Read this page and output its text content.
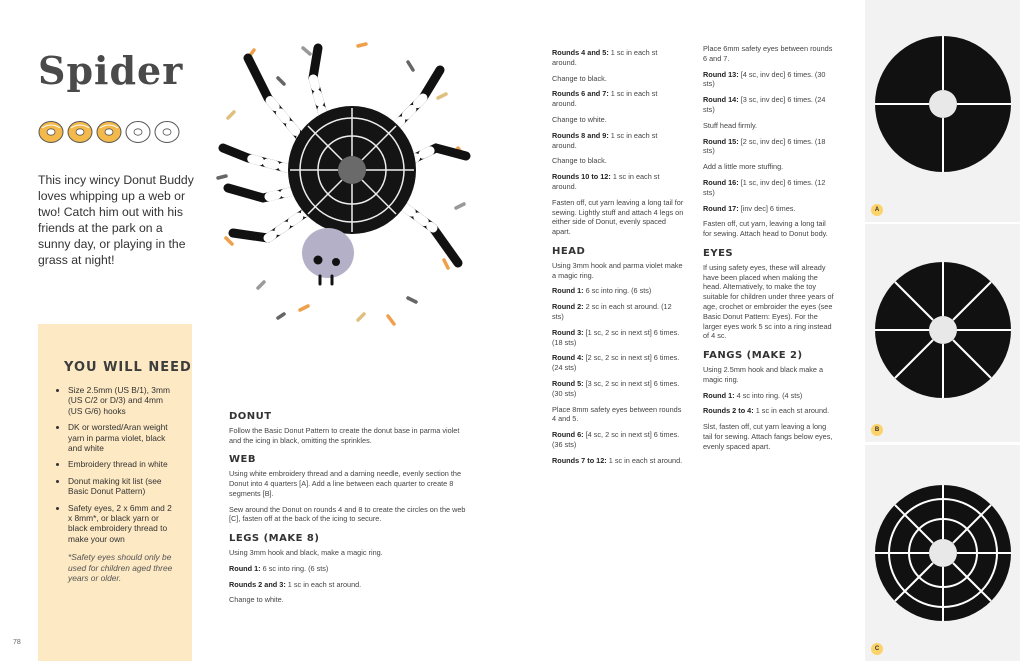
Spider

This incy wincy Donut Buddy loves whipping up a web or two! Catch him out with his friends at the park on a sunny day, or playing in the grass at night!

YOU WILL NEED
• Size 2.5mm (US B/1), 3mm (US C/2 or D/3) and 4mm (US G/6) hooks
• DK or worsted/Aran weight yarn in parma violet, black and white
• Embroidery thread in white
• Donut making kit list (see Basic Donut Pattern)
• Safety eyes, 2 x 6mm and 2 x 8mm*, or black yarn or black embroidery thread to make your own

*Safety eyes should only be used for children aged three years or older.

78
DONUT

Follow the Basic Donut Pattern to create the donut base in parma violet and the icing in black, omitting the sprinkles.

WEB

Using white embroidery thread and a darning needle, evenly section the Donut into 4 quarters [A]. Add a line between each quarter to create 8 segments [B].

Sew around the Donut on rounds 4 and 8 to create the circles on the web [C], fasten off at the back of the icing to secure.

LEGS (MAKE 8)

Using 3mm hook and black, make a magic ring.

Round 1: 6 sc into ring. (6 sts)

Rounds 2 and 3: 1 sc in each st around.

Change to white.

Rounds 4 and 5: 1 sc in each st around.

Change to black.

Rounds 6 and 7: 1 sc in each st around.

Change to white.

Rounds 8 and 9: 1 sc in each st around.

Change to black.

Rounds 10 to 12: 1 sc in each st around.

Fasten off, cut yarn leaving a long tail for sewing. Lightly stuff and attach 4 legs on either side of Donut, evenly spaced apart.

HEAD

Using 3mm hook and parma violet make a magic ring.

Round 1: 6 sc into ring. (6 sts)

Round 2: 2 sc in each st around. (12 sts)

Round 3: [1 sc, 2 sc in next st] 6 times. (18 sts)

Round 4: [2 sc, 2 sc in next st] 6 times. (24 sts)

Round 5: [3 sc, 2 sc in next st] 6 times. (30 sts)

Place 8mm safety eyes between rounds 4 and 5.

Round 6: [4 sc, 2 sc in next st] 6 times. (36 sts)

Rounds 7 to 12: 1 sc in each st around.

Place 6mm safety eyes between rounds 6 and 7.

Round 13: [4 sc, inv dec] 6 times. (30 sts)

Round 14: [3 sc, inv dec] 6 times. (24 sts)

Stuff head firmly.

Round 15: [2 sc, inv dec] 6 times. (18 sts)

Add a little more stuffing.

Round 16: [1 sc, inv dec] 6 times. (12 sts)

Round 17: [inv dec] 6 times.

Fasten off, cut yarn, leaving a long tail for sewing. Attach head to Donut body.

EYES

If using safety eyes, these will already have been placed when making the head. Alternatively, to make the toy suitable for children under three years of age, crochet or embroider the eyes (see Basic Donut Pattern: Eyes). For the larger eyes work 5 sc into a ring instead of 4 sc.

FANGS (MAKE 2)

Using 2.5mm hook and black make a magic ring.

Round 1: 4 sc into ring. (4 sts)

Rounds 2 to 4: 1 sc in each st around.

Slst, fasten off, cut yarn leaving a long tail for sewing. Attach fangs below eyes, evenly spaced apart.

A
B
C
